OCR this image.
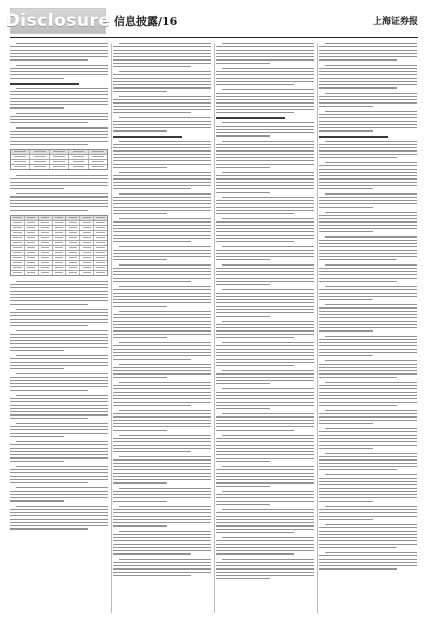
Disclosure 信息披露/16	上海证券报
